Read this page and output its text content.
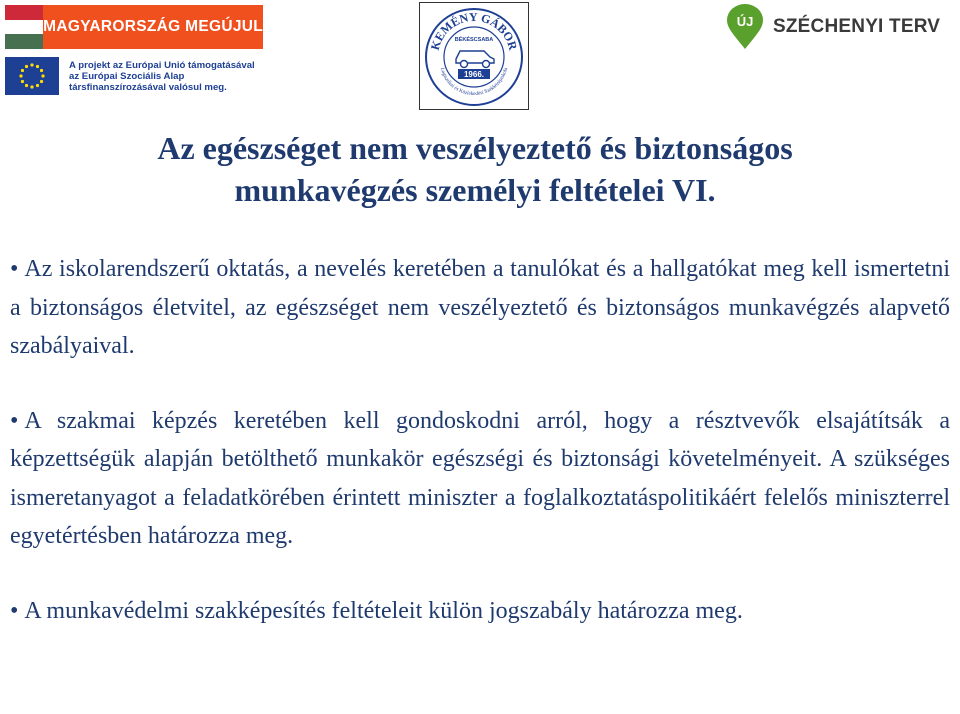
MAGYARORSZÁG MEGÚJUL
A projekt az Európai Unió támogatásával
az Európai Szociális Alap
társfinanszírozásával valósul meg.
KEMÉNY GÁBOR
Logisztikai és Közlekedési Szakközépiskola
BÉKÉSCSABA
1966.
ÚJ SZÉCHENYI TERV
Az egészséget nem veszélyeztető és biztonságos
munkavégzés személyi feltételei VI.

• Az iskolarendszerű oktatás, a nevelés keretében a tanulókat és a hallgatókat meg kell ismertetni a biztonságos életvitel, az egészséget nem veszélyeztető és biztonságos munkavégzés alapvető szabályaival.

• A szakmai képzés keretében kell gondoskodni arról, hogy a résztvevők elsajátítsák a képzettségük alapján betölthető munkakör egészségi és biztonsági követelményeit. A szükséges ismeretanyagot a feladatkörében érintett miniszter a foglalkoztatáspolitikáért felelős miniszterrel egyetértésben határozza meg.

• A munkavédelmi szakképesítés feltételeit külön jogszabály határozza meg.
